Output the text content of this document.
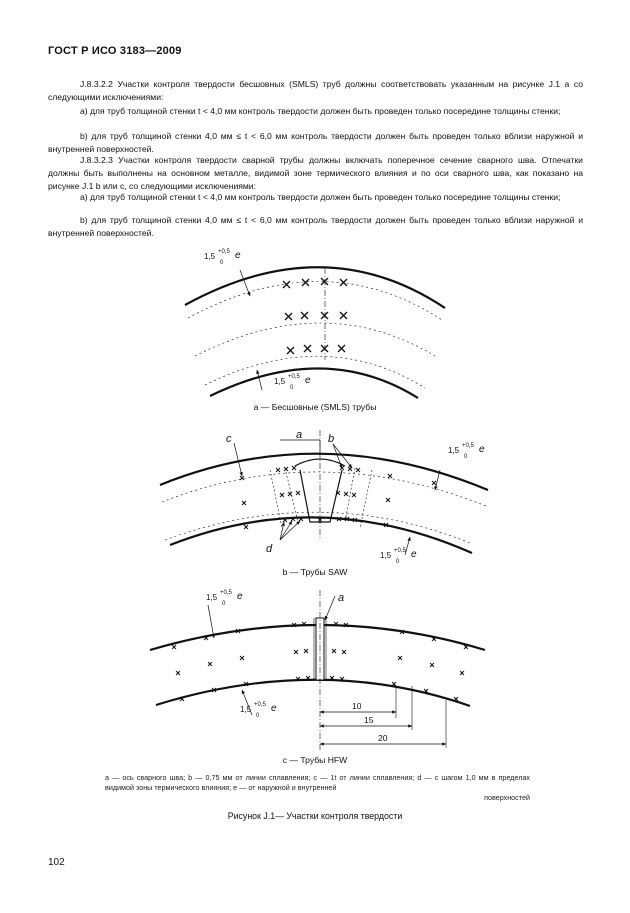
ГОСТ Р ИСО 3183—2009
J.8.3.2.2 Участки контроля твердости бесшовных (SMLS) труб должны соответствовать указанным на рисунке J.1 а со следующими исключениями:
a) для труб толщиной стенки t < 4,0 мм контроль твердости должен быть проведен только посередине толщины стенки;
b) для труб толщиной стенки 4,0 мм ≤ t < 6,0 мм контроль твердости должен быть проведен только вблизи наружной и внутренней поверхностей.
J.8.3.2.3 Участки контроля твердости сварной трубы должны включать поперечное сечение сварного шва. Отпечатки должны быть выполнены на основном металле, видимой зоне термического влияния и по оси сварного шва, как показано на рисунке J.1 b или c, со следующими исключениями:
a) для труб толщиной стенки t < 4,0 мм контроль твердости должен быть проведен только посередине толщины стенки;
b) для труб толщиной стенки 4,0 мм ≤ t < 6,0 мм контроль твердости должен быть проведен только вблизи наружной и внутренней поверхностей.
1,5 +0,5
0
e
1,5 +0,5
0
e
c	a b
d
1,5 +0,5
0
e
1,5 +0,5
0
e
10
15
20
a
1,5 +0,5
0
e
1,5 +0,5
0
e
a — Бесшовные (SMLS) трубы
b — Трубы SAW
c — Трубы HFW
a — ось сварного шва; b — 0,75 мм от линии сплавления; c — 1t от линии сплавления; d — с шагом 1,0 мм в пределах видимой зоны термического влияния; e — от наружной и внутренней
поверхностей
Рисунок J.1— Участки контроля твердости
102
